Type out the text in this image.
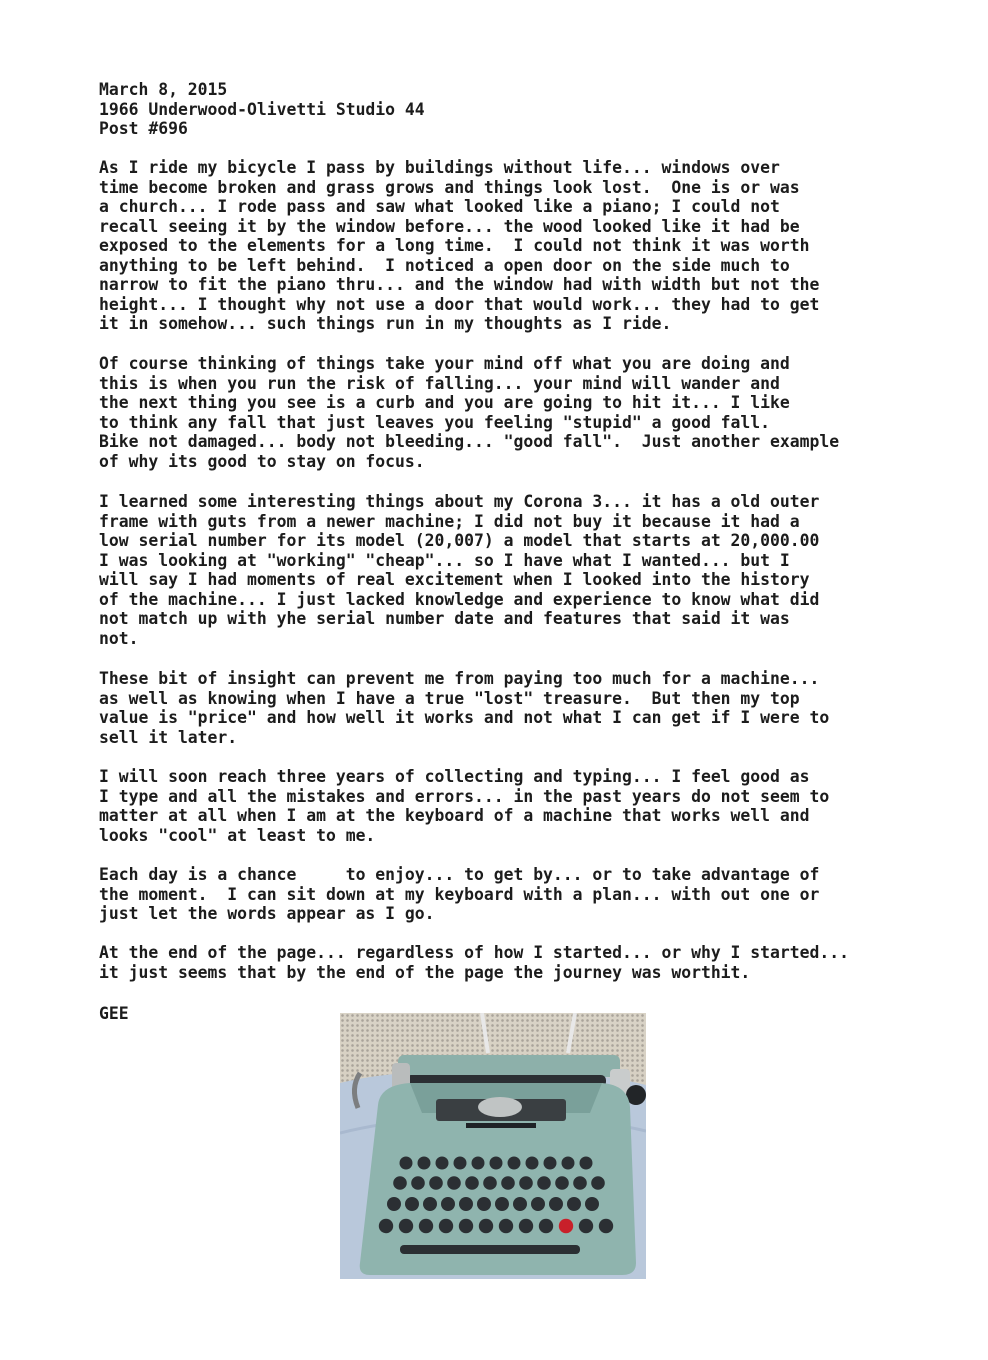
March 8, 2015
1966 Underwood-Olivetti Studio 44
Post #696
As I ride my bicycle I pass by buildings without life... windows over
time become broken and grass grows and things look lost.  One is or was
a church... I rode pass and saw what looked like a piano; I could not
recall seeing it by the window before... the wood looked like it had be
exposed to the elements for a long time.  I could not think it was worth
anything to be left behind.  I noticed a open door on the side much to
narrow to fit the piano thru... and the window had with width but not the
height... I thought why not use a door that would work... they had to get
it in somehow... such things run in my thoughts as I ride.
Of course thinking of things take your mind off what you are doing and
this is when you run the risk of falling... your mind will wander and
the next thing you see is a curb and you are going to hit it... I like
to think any fall that just leaves you feeling "stupid" a good fall.
Bike not damaged... body not bleeding... "good fall".  Just another example
of why its good to stay on focus.
I learned some interesting things about my Corona 3... it has a old outer
frame with guts from a newer machine; I did not buy it because it had a
low serial number for its model (20,007) a model that starts at 20,000.00
I was looking at "working" "cheap"... so I have what I wanted... but I
will say I had moments of real excitement when I looked into the history
of the machine... I just lacked knowledge and experience to know what did
not match up with yhe serial number date and features that said it was
not.
These bit of insight can prevent me from paying too much for a machine...
as well as knowing when I have a true "lost" treasure.  But then my top
value is "price" and how well it works and not what I can get if I were to
sell it later.
I will soon reach three years of collecting and typing... I feel good as
I type and all the mistakes and errors... in the past years do not seem to
matter at all when I am at the keyboard of a machine that works well and
looks "cool" at least to me.
Each day is a chance     to enjoy... to get by... or to take advantage of
the moment.  I can sit down at my keyboard with a plan... with out one or
just let the words appear as I go.
At the end of the page... regardless of how I started... or why I started...
it just seems that by the end of the page the journey was worthit.
GEE
